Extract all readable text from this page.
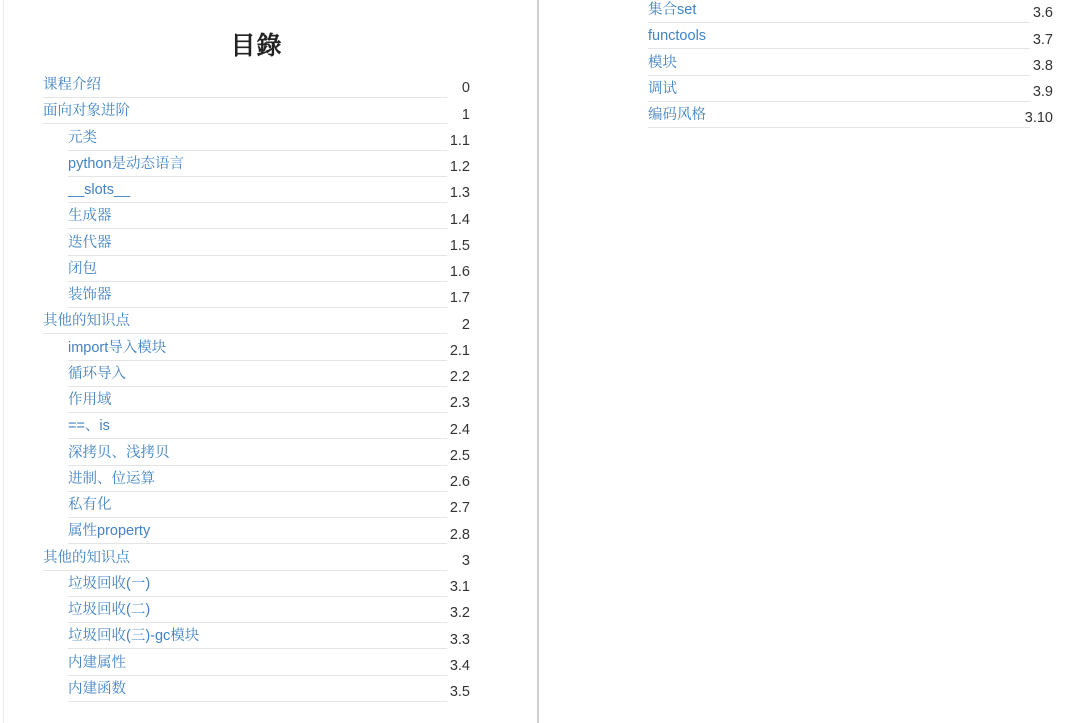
目錄
课程介绍	0
面向对象进阶	1
元类	1.1
python是动态语言	1.2
__slots__	1.3
生成器	1.4
迭代器	1.5
闭包	1.6
装饰器	1.7
其他的知识点	2
import导入模块	2.1
循环导入	2.2
作用域	2.3
==、is	2.4
深拷贝、浅拷贝	2.5
进制、位运算	2.6
私有化	2.7
属性property	2.8
其他的知识点	3
垃圾回收(一)	3.1
垃圾回收(二)	3.2
垃圾回收(三)-gc模块	3.3
内建属性	3.4
内建函数	3.5
集合set	3.6
functools	3.7
模块	3.8
调试	3.9
编码风格	3.10
